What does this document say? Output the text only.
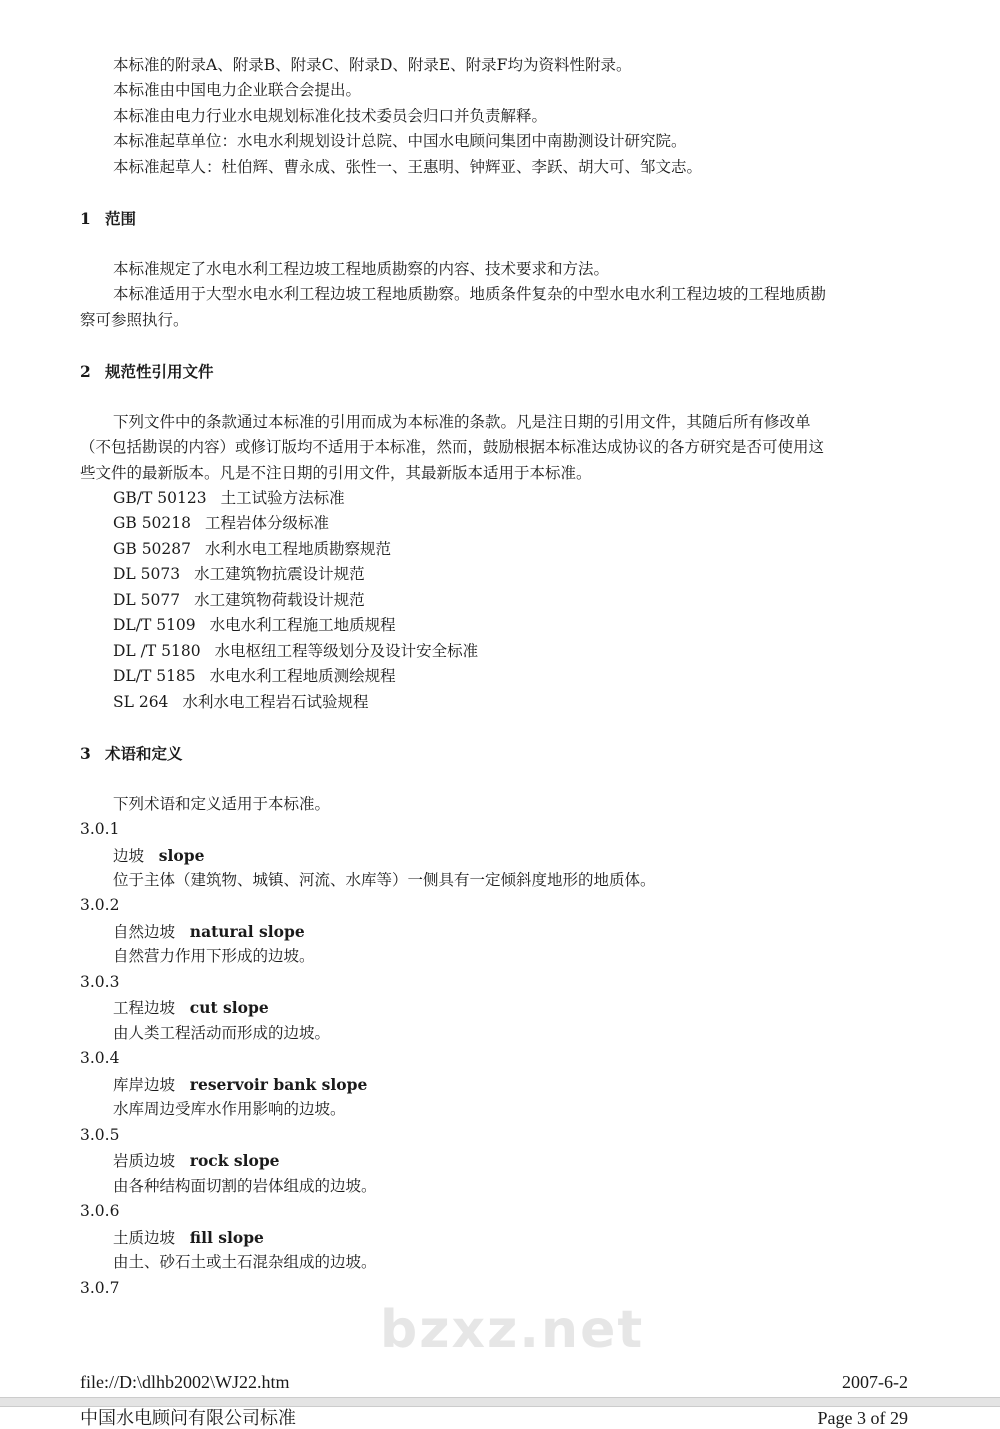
bzxz.net
本标准的附录A、附录B、附录C、附录D、附录E、附录F均为资料性附录。
本标准由中国电力企业联合会提出。
本标准由电力行业水电规划标准化技术委员会归口并负责解释。
本标准起草单位：水电水利规划设计总院、中国水电顾问集团中南勘测设计研究院。
本标准起草人：杜伯辉、曹永成、张性一、王惠明、钟辉亚、李跃、胡大可、邹文志。
1 范围
本标准规定了水电水利工程边坡工程地质勘察的内容、技术要求和方法。
本标准适用于大型水电水利工程边坡工程地质勘察。地质条件复杂的中型水电水利工程边坡的工程地质勘
察可参照执行。
2 规范性引用文件
下列文件中的条款通过本标准的引用而成为本标准的条款。凡是注日期的引用文件，其随后所有修改单
（不包括勘误的内容）或修订版均不适用于本标准，然而，鼓励根据本标准达成协议的各方研究是否可使用这
些文件的最新版本。凡是不注日期的引用文件，其最新版本适用于本标准。
GB/T 50123 土工试验方法标准
GB 50218 工程岩体分级标准
GB 50287 水利水电工程地质勘察规范
DL 5073 水工建筑物抗震设计规范
DL 5077 水工建筑物荷载设计规范
DL/T 5109 水电水利工程施工地质规程
DL /T 5180 水电枢纽工程等级划分及设计安全标准
DL/T 5185 水电水利工程地质测绘规程
SL 264 水利水电工程岩石试验规程
3 术语和定义
下列术语和定义适用于本标准。
3.0.1
边坡 slope
位于主体（建筑物、城镇、河流、水库等）一侧具有一定倾斜度地形的地质体。
3.0.2
自然边坡 natural slope
自然营力作用下形成的边坡。
3.0.3
工程边坡 cut slope
由人类工程活动而形成的边坡。
3.0.4
库岸边坡 reservoir bank slope
水库周边受库水作用影响的边坡。
3.0.5
岩质边坡 rock slope
由各种结构面切割的岩体组成的边坡。
3.0.6
土质边坡 fill slope
由土、砂石土或土石混杂组成的边坡。
3.0.7
file://D:\dlhb2002\WJ22.htm	2007-6-2
中国水电顾问有限公司标准	Page 3 of 29
